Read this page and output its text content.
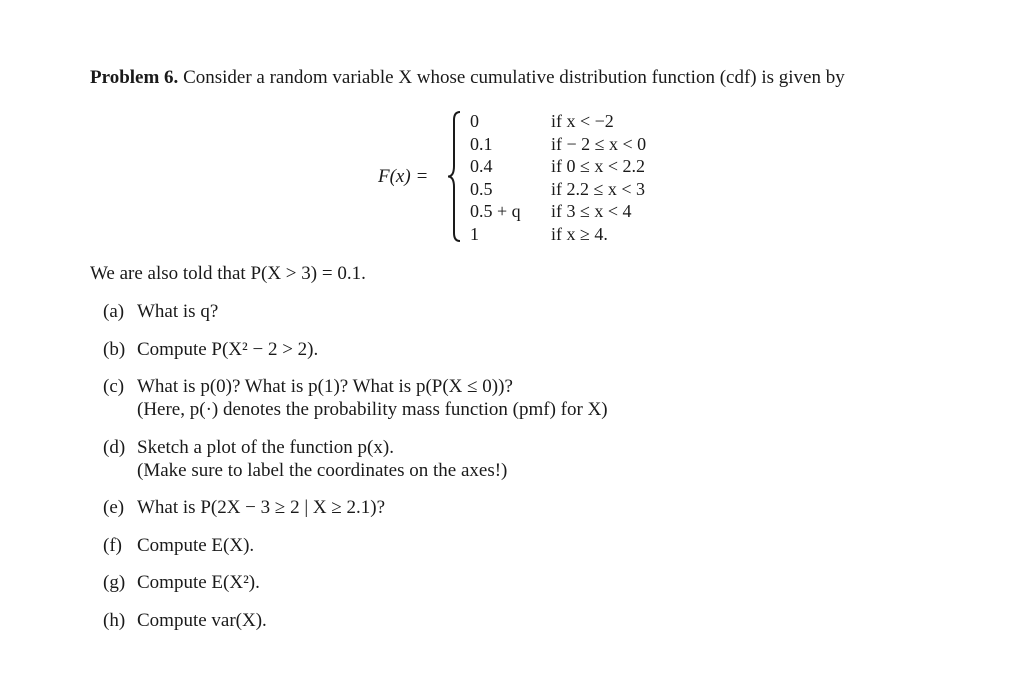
Problem 6. Consider a random variable X whose cumulative distribution function (cdf) is given by
F(x) =
0	if x < −2
0.1	if − 2 ≤ x < 0
0.4	if 0 ≤ x < 2.2
0.5	if 2.2 ≤ x < 3
0.5 + q if 3 ≤ x < 4
1	if x ≥ 4.
We are also told that P(X > 3) = 0.1.
(a) What is q?
(b) Compute P(X² − 2 > 2).
(c) What is p(0)? What is p(1)? What is p(P(X ≤ 0))?
(Here, p(·) denotes the probability mass function (pmf) for X)
(d) Sketch a plot of the function p(x).
(Make sure to label the coordinates on the axes!)
(e) What is P(2X − 3 ≥ 2 | X ≥ 2.1)?
(f) Compute E(X).
(g) Compute E(X²).
(h) Compute var(X).
